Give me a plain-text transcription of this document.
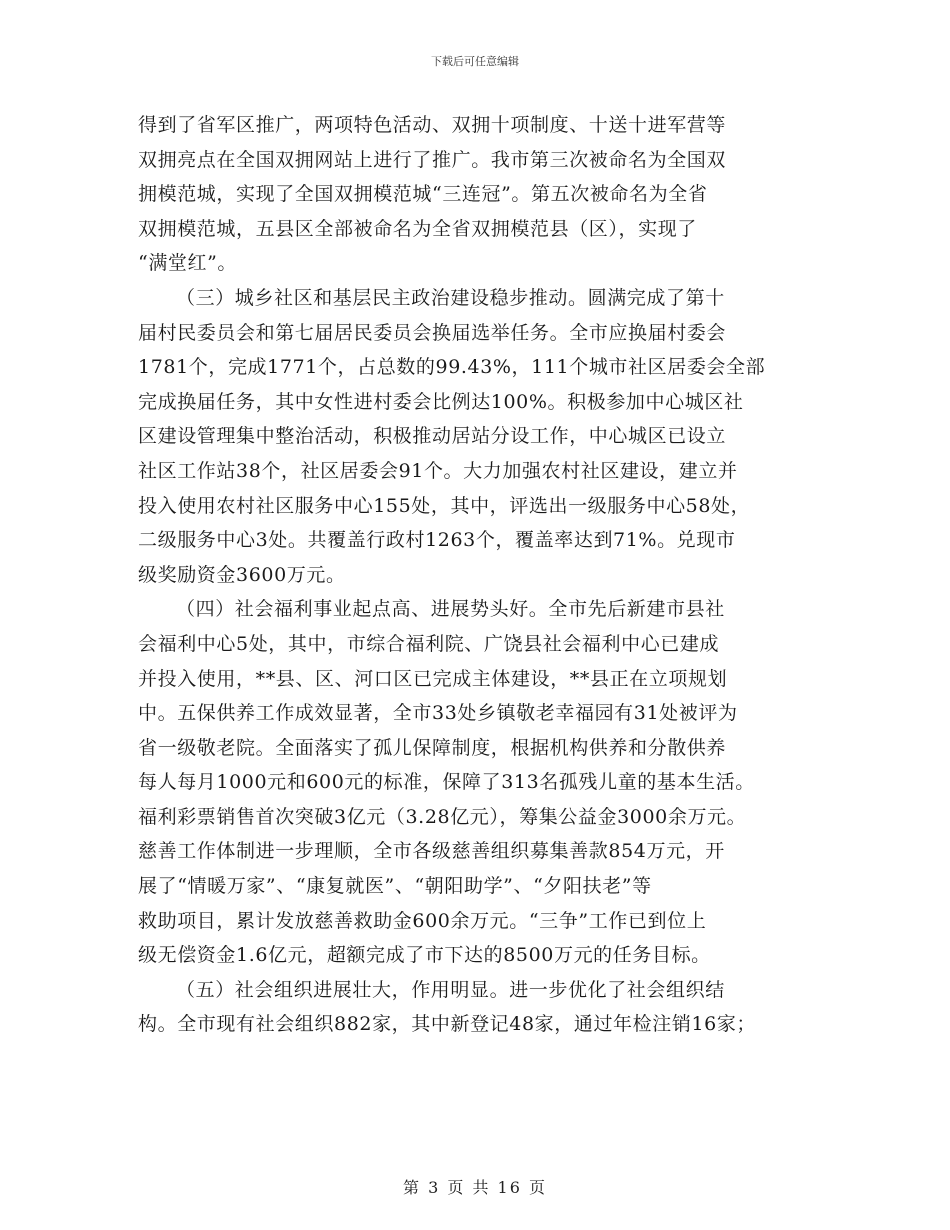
下载后可任意编辑
得到了省军区推广，两项特色活动、双拥十项制度、十送十进军营等
双拥亮点在全国双拥网站上进行了推广。我市第三次被命名为全国双
拥模范城，实现了全国双拥模范城“三连冠”。第五次被命名为全省
双拥模范城，五县区全部被命名为全省双拥模范县（区），实现了
“满堂红”。
（三）城乡社区和基层民主政治建设稳步推动。圆满完成了第十
届村民委员会和第七届居民委员会换届选举任务。全市应换届村委会
1781个，完成1771个，占总数的99.43%，111个城市社区居委会全部
完成换届任务，其中女性进村委会比例达100%。积极参加中心城区社
区建设管理集中整治活动，积极推动居站分设工作，中心城区已设立
社区工作站38个，社区居委会91个。大力加强农村社区建设，建立并
投入使用农村社区服务中心155处，其中，评选出一级服务中心58处，
二级服务中心3处。共覆盖行政村1263个，覆盖率达到71%。兑现市
级奖励资金3600万元。
（四）社会福利事业起点高、进展势头好。全市先后新建市县社
会福利中心5处，其中，市综合福利院、广饶县社会福利中心已建成
并投入使用，**县、区、河口区已完成主体建设，**县正在立项规划
中。五保供养工作成效显著，全市33处乡镇敬老幸福园有31处被评为
省一级敬老院。全面落实了孤儿保障制度，根据机构供养和分散供养
每人每月1000元和600元的标准，保障了313名孤残儿童的基本生活。
福利彩票销售首次突破3亿元（3.28亿元），筹集公益金3000余万元。
慈善工作体制进一步理顺，全市各级慈善组织募集善款854万元，开
展了“情暖万家”、“康复就医”、“朝阳助学”、“夕阳扶老”等
救助项目，累计发放慈善救助金600余万元。“三争”工作已到位上
级无偿资金1.6亿元，超额完成了市下达的8500万元的任务目标。
（五）社会组织进展壮大，作用明显。进一步优化了社会组织结
构。全市现有社会组织882家，其中新登记48家，通过年检注销16家；
第 3 页 共 16 页
